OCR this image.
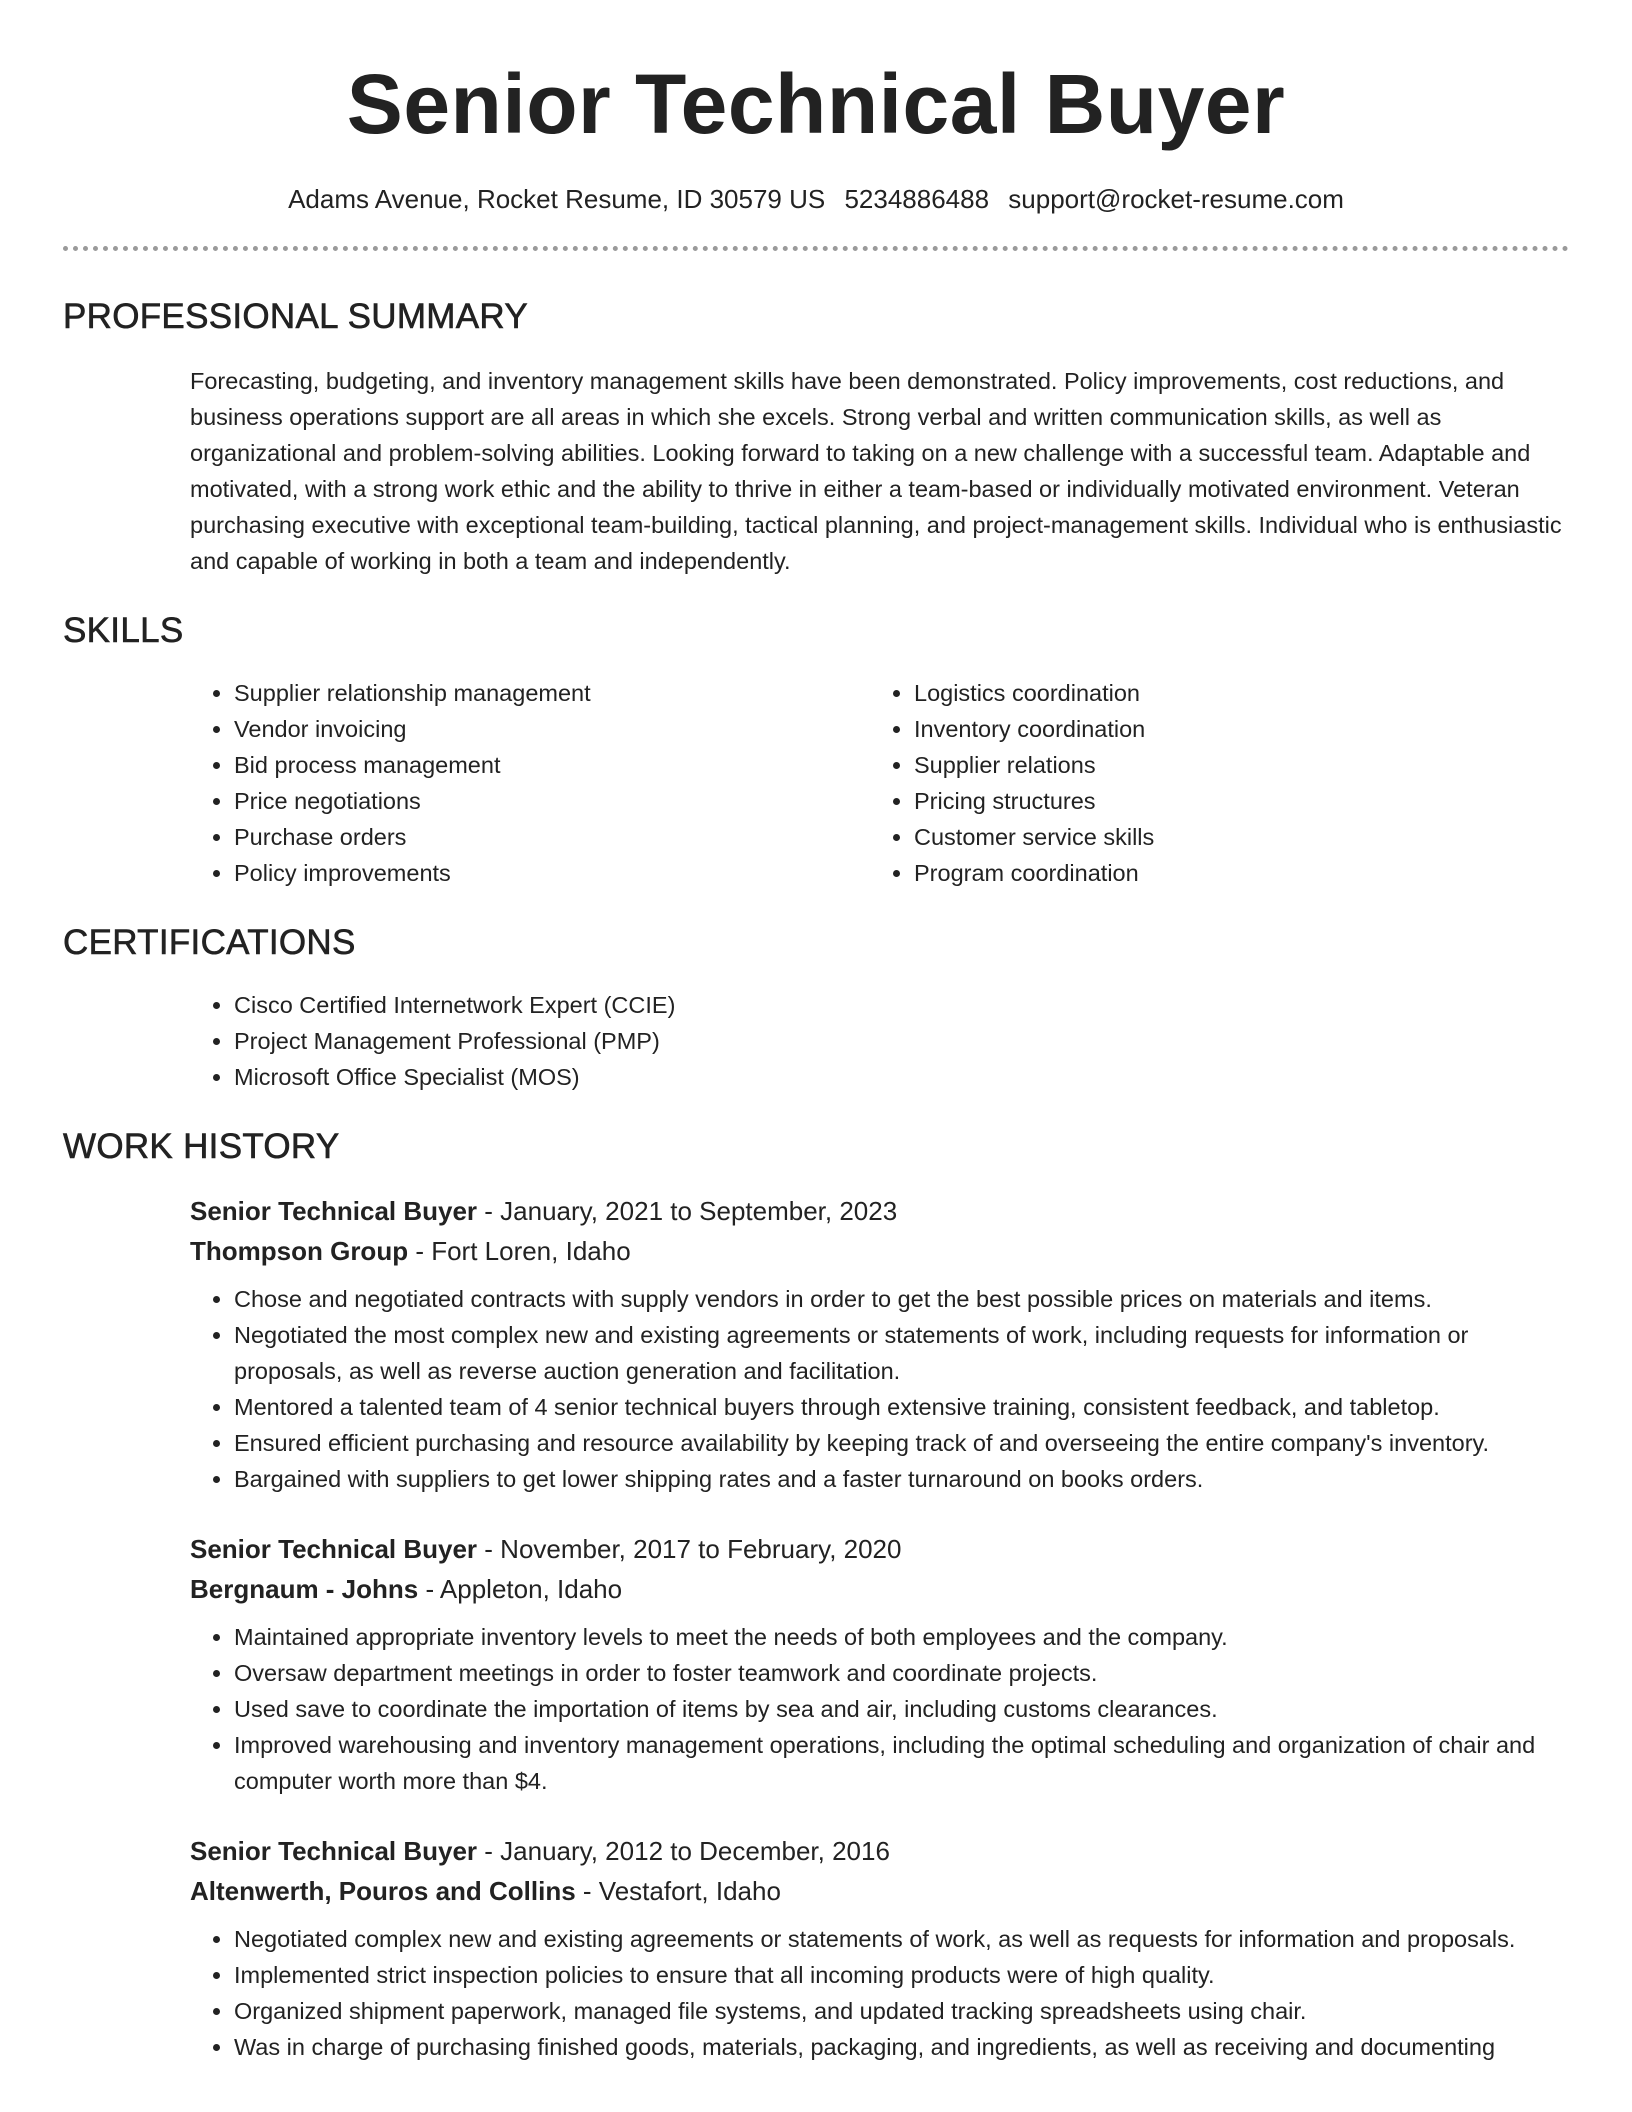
Senior Technical Buyer
Adams Avenue, Rocket Resume, ID 30579 US 5234886488 support@rocket-resume.com
PROFESSIONAL SUMMARY

Forecasting, budgeting, and inventory management skills have been demonstrated. Policy improvements, cost reductions, and business operations support are all areas in which she excels. Strong verbal and written communication skills, as well as organizational and problem-solving abilities. Looking forward to taking on a new challenge with a successful team. Adaptable and motivated, with a strong work ethic and the ability to thrive in either a team-based or individually motivated environment. Veteran purchasing executive with exceptional team-building, tactical planning, and project-management skills. Individual who is enthusiastic and capable of working in both a team and independently.

SKILLS
• Supplier relationship management
• Vendor invoicing
• Bid process management
• Price negotiations
• Purchase orders
• Policy improvements
• Logistics coordination
• Inventory coordination
• Supplier relations
• Pricing structures
• Customer service skills
• Program coordination
CERTIFICATIONS
• Cisco Certified Internetwork Expert (CCIE)
• Project Management Professional (PMP)
• Microsoft Office Specialist (MOS)
WORK HISTORY
Senior Technical Buyer - January, 2021 to September, 2023
Thompson Group - Fort Loren, Idaho
• Chose and negotiated contracts with supply vendors in order to get the best possible prices on materials and items.
• Negotiated the most complex new and existing agreements or statements of work, including requests for information or proposals, as well as reverse auction generation and facilitation.
• Mentored a talented team of 4 senior technical buyers through extensive training, consistent feedback, and tabletop.
• Ensured efficient purchasing and resource availability by keeping track of and overseeing the entire company's inventory.
• Bargained with suppliers to get lower shipping rates and a faster turnaround on books orders.
Senior Technical Buyer - November, 2017 to February, 2020
Bergnaum - Johns - Appleton, Idaho
• Maintained appropriate inventory levels to meet the needs of both employees and the company.
• Oversaw department meetings in order to foster teamwork and coordinate projects.
• Used save to coordinate the importation of items by sea and air, including customs clearances.
• Improved warehousing and inventory management operations, including the optimal scheduling and organization of chair and computer worth more than $4.
Senior Technical Buyer - January, 2012 to December, 2016
Altenwerth, Pouros and Collins - Vestafort, Idaho
• Negotiated complex new and existing agreements or statements of work, as well as requests for information and proposals.
• Implemented strict inspection policies to ensure that all incoming products were of high quality.
• Organized shipment paperwork, managed file systems, and updated tracking spreadsheets using chair.
• Was in charge of purchasing finished goods, materials, packaging, and ingredients, as well as receiving and documenting
